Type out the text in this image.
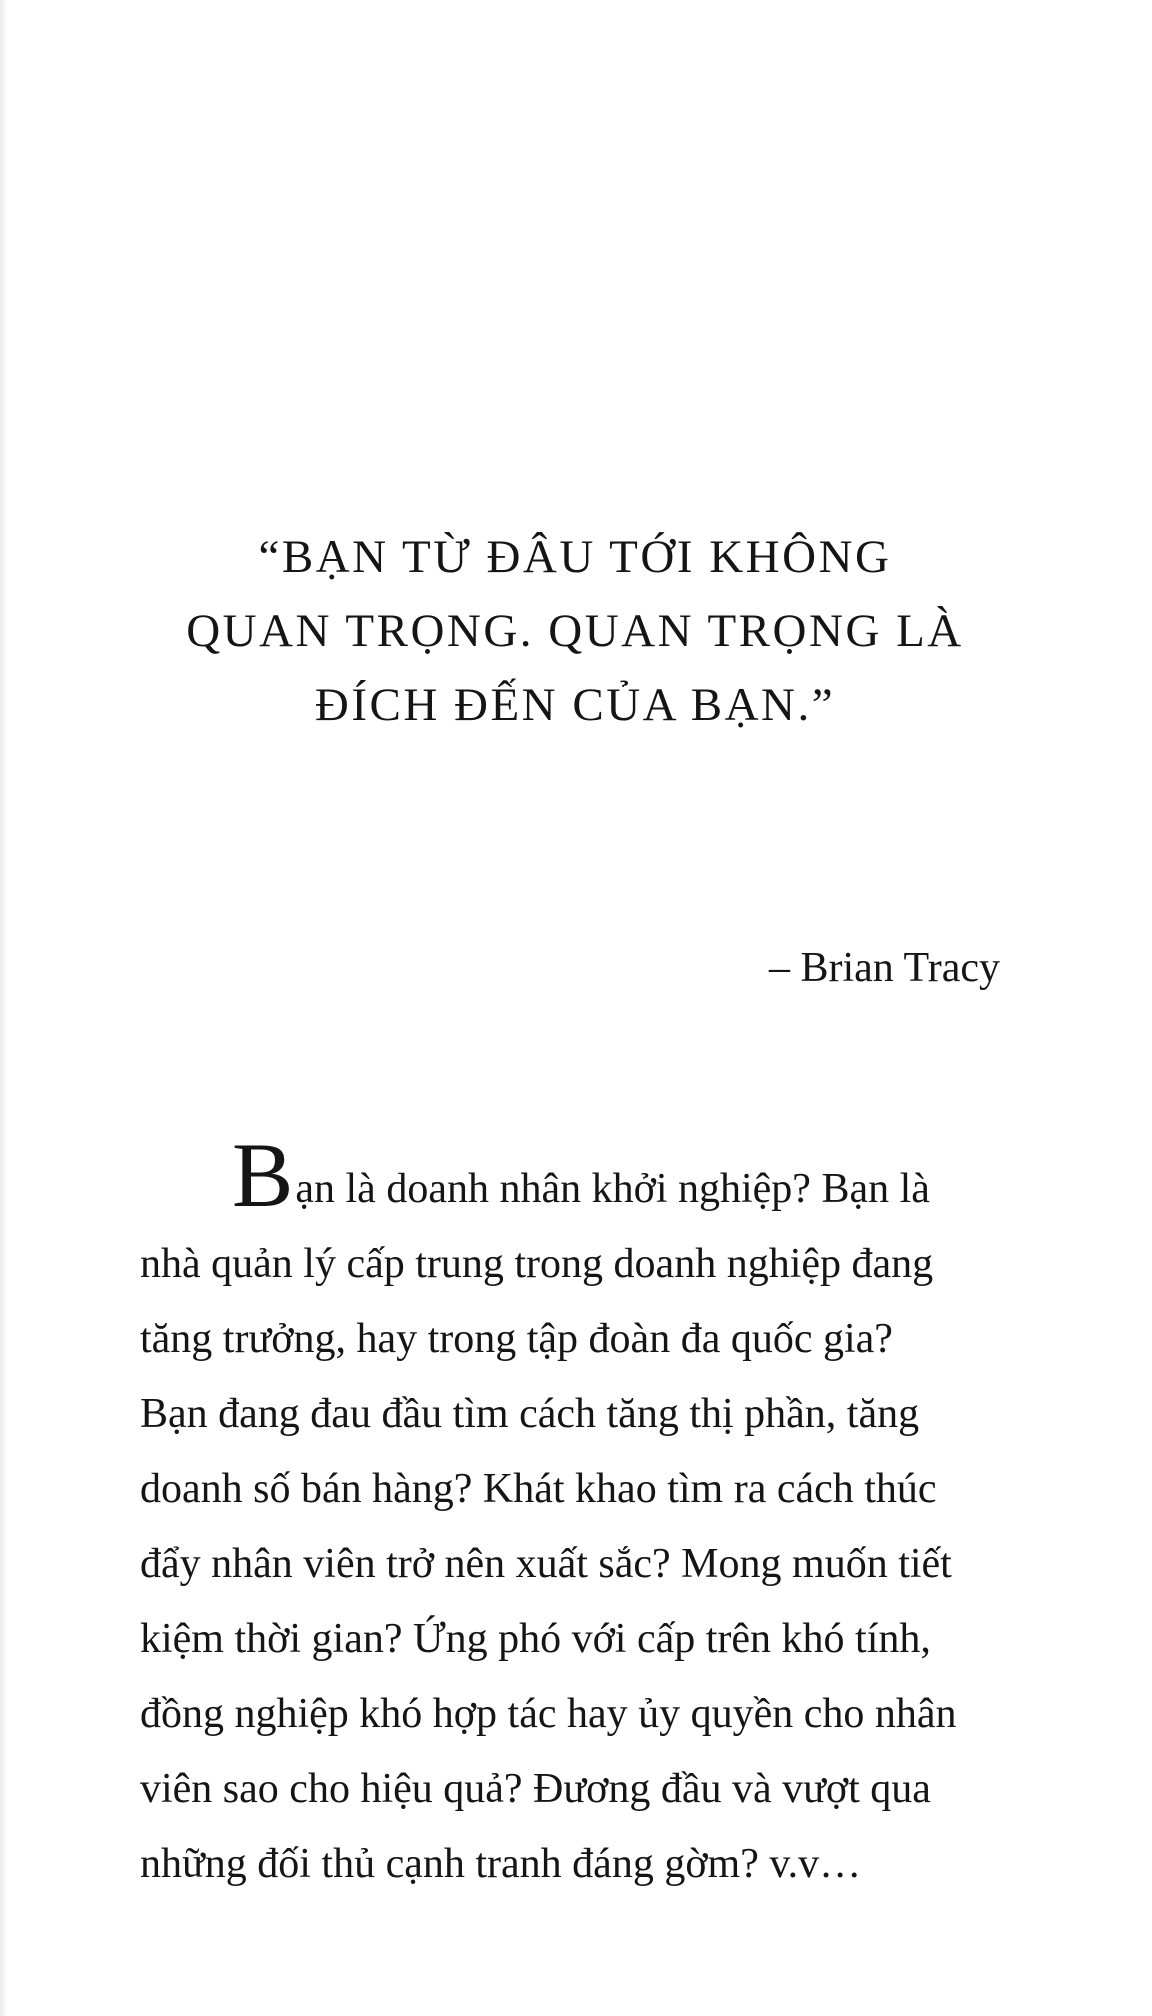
“BẠN TỪ ĐÂU TỚI KHÔNG
QUAN TRỌNG. QUAN TRỌNG LÀ
ĐÍCH ĐẾN CỦA BẠN.”

– Brian Tracy

Bạn là doanh nhân khởi nghiệp? Bạn là
nhà quản lý cấp trung trong doanh nghiệp đang
tăng trưởng, hay trong tập đoàn đa quốc gia?
Bạn đang đau đầu tìm cách tăng thị phần, tăng
doanh số bán hàng? Khát khao tìm ra cách thúc
đẩy nhân viên trở nên xuất sắc? Mong muốn tiết
kiệm thời gian? Ứng phó với cấp trên khó tính,
đồng nghiệp khó hợp tác hay ủy quyền cho nhân
viên sao cho hiệu quả? Đương đầu và vượt qua
những đối thủ cạnh tranh đáng gờm? v.v…
